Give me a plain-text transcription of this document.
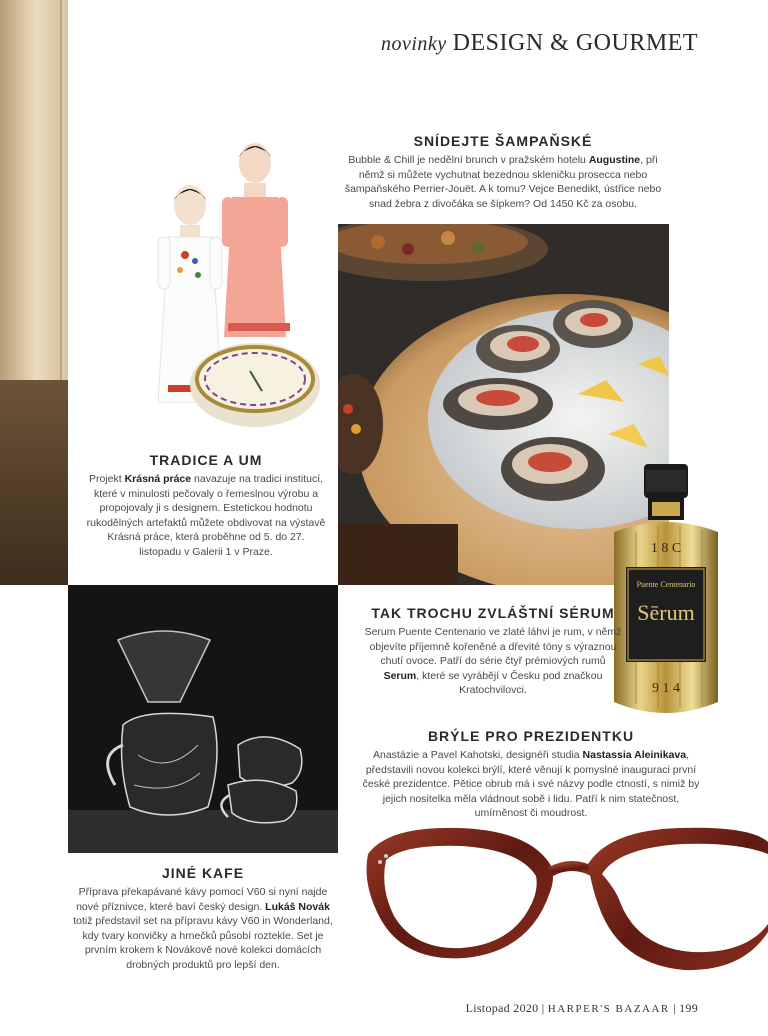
novinky DESIGN & GOURMET
SNÍDEJTE ŠAMPAŇSKÉ

Bubble & Chill je nedělní brunch v pražském hotelu Augustine, při němž si můžete vychutnat bezednou skleničku prosecca nebo šampaňského Perrier-Jouët. A k tomu? Vejce Benedikt, ústřice nebo snad žebra z divočáka se šípkem? Od 1450 Kč za osobu.

TRADICE A UM

Projekt Krásná práce navazuje na tradici institucí, které v minulosti pečovaly o řemeslnou výrobu a propojovaly ji s designem. Estetickou hodnotu rukodělných artefaktů můžete obdivovat na výstavě Krásná práce, která proběhne od 5. do 27. listopadu v Galerii 1 v Praze.	1 8 C
Puente Centenario
Sērum
9 1 4
TAK TROCHU ZVLÁŠTNÍ SÉRUM

Serum Puente Centenario ve zlaté láhvi je rum, v němž objevíte příjemně kořeněné a dřevité tóny s výraznou chutí ovoce. Patří do série čtyř prémiových rumů Serum, které se vyrábějí v Česku pod značkou Kratochvilovci.

BRÝLE PRO PREZIDENTKU

Anastázie a Pavel Kahotski, designéři studia Nastassia Aleinikava, představili novou kolekci brýlí, které věnují k pomyslné inauguraci první české prezidentce. Pětice obrub má i své názvy podle ctností, s nimiž by jejich nositelka měla vládnout sobě i lidu. Patří k nim statečnost, umírněnost či moudrost.

JINÉ KAFE

Příprava překapávané kávy pomocí V60 si nyní najde nové příznivce, které baví český design. Lukáš Novák totiž představil set na přípravu kávy V60 in Wonderland, kdy tvary konvičky a hrnečků působí roztekle. Set je prvním krokem k Novákově nové kolekci domácích drobných produktů pro lepší den.

Listopad 2020 | HARPER'S BAZAAR | 199
